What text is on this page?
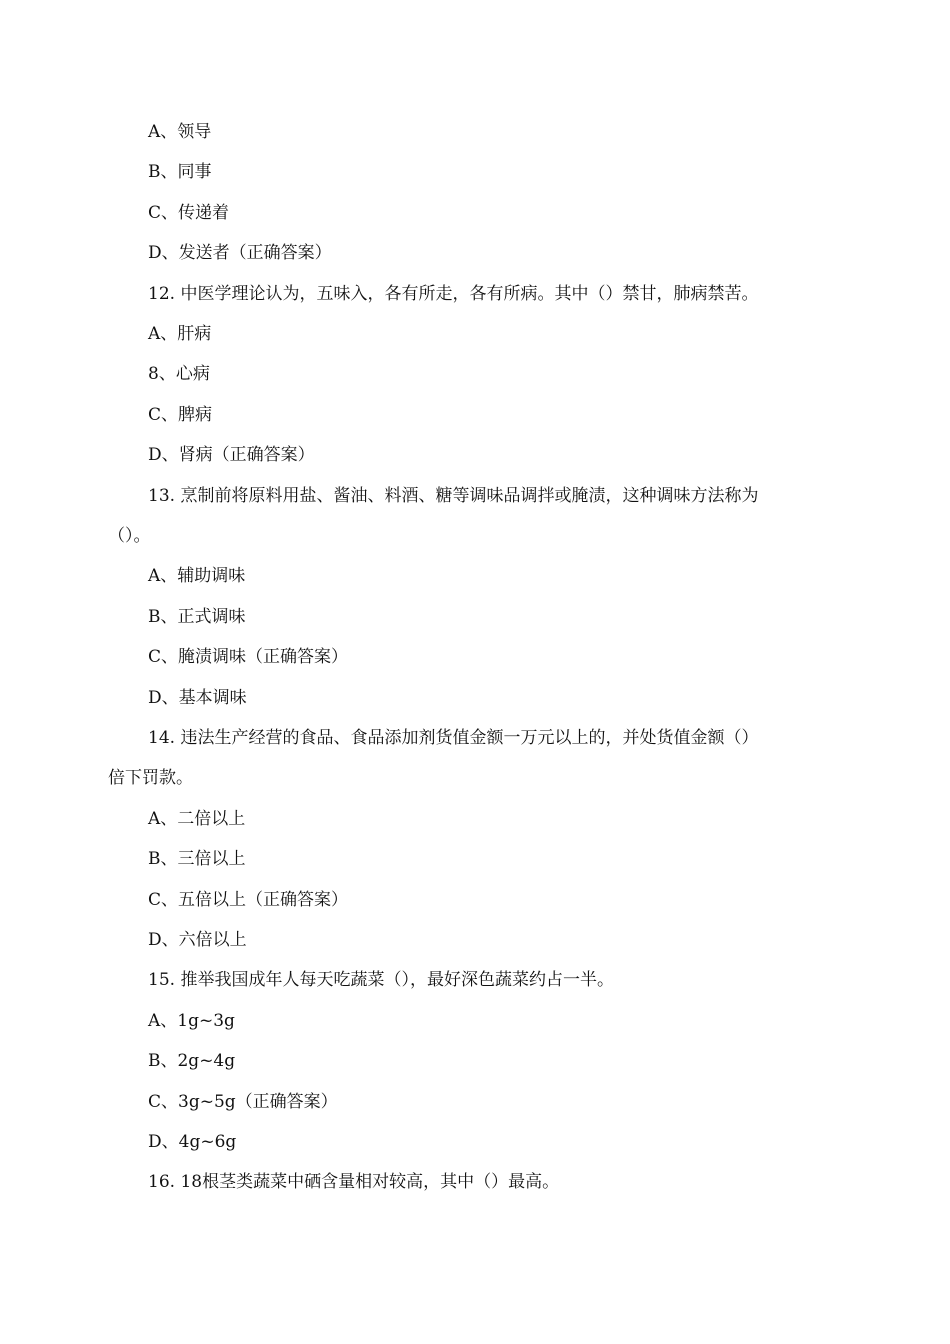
A、领导
B、同事
C、传递着
D、发送者（正确答案）
12. 中医学理论认为，五味入，各有所走，各有所病。其中（）禁甘，肺病禁苦。
A、肝病
8、心病
C、脾病
D、肾病（正确答案）
13. 烹制前将原料用盐、酱油、料酒、糖等调味品调拌或腌渍，这种调味方法称为
（）。
A、辅助调味
B、正式调味
C、腌渍调味（正确答案）
D、基本调味
14. 违法生产经营的食品、食品添加剂货值金额一万元以上的，并处货值金额（）
倍下罚款。
A、二倍以上
B、三倍以上
C、五倍以上（正确答案）
D、六倍以上
15. 推举我国成年人每天吃蔬菜（），最好深色蔬菜约占一半。
A、1g~3g
B、2g~4g
C、3g~5g（正确答案）
D、4g~6g
16. 18根茎类蔬菜中硒含量相对较高，其中（）最高。
